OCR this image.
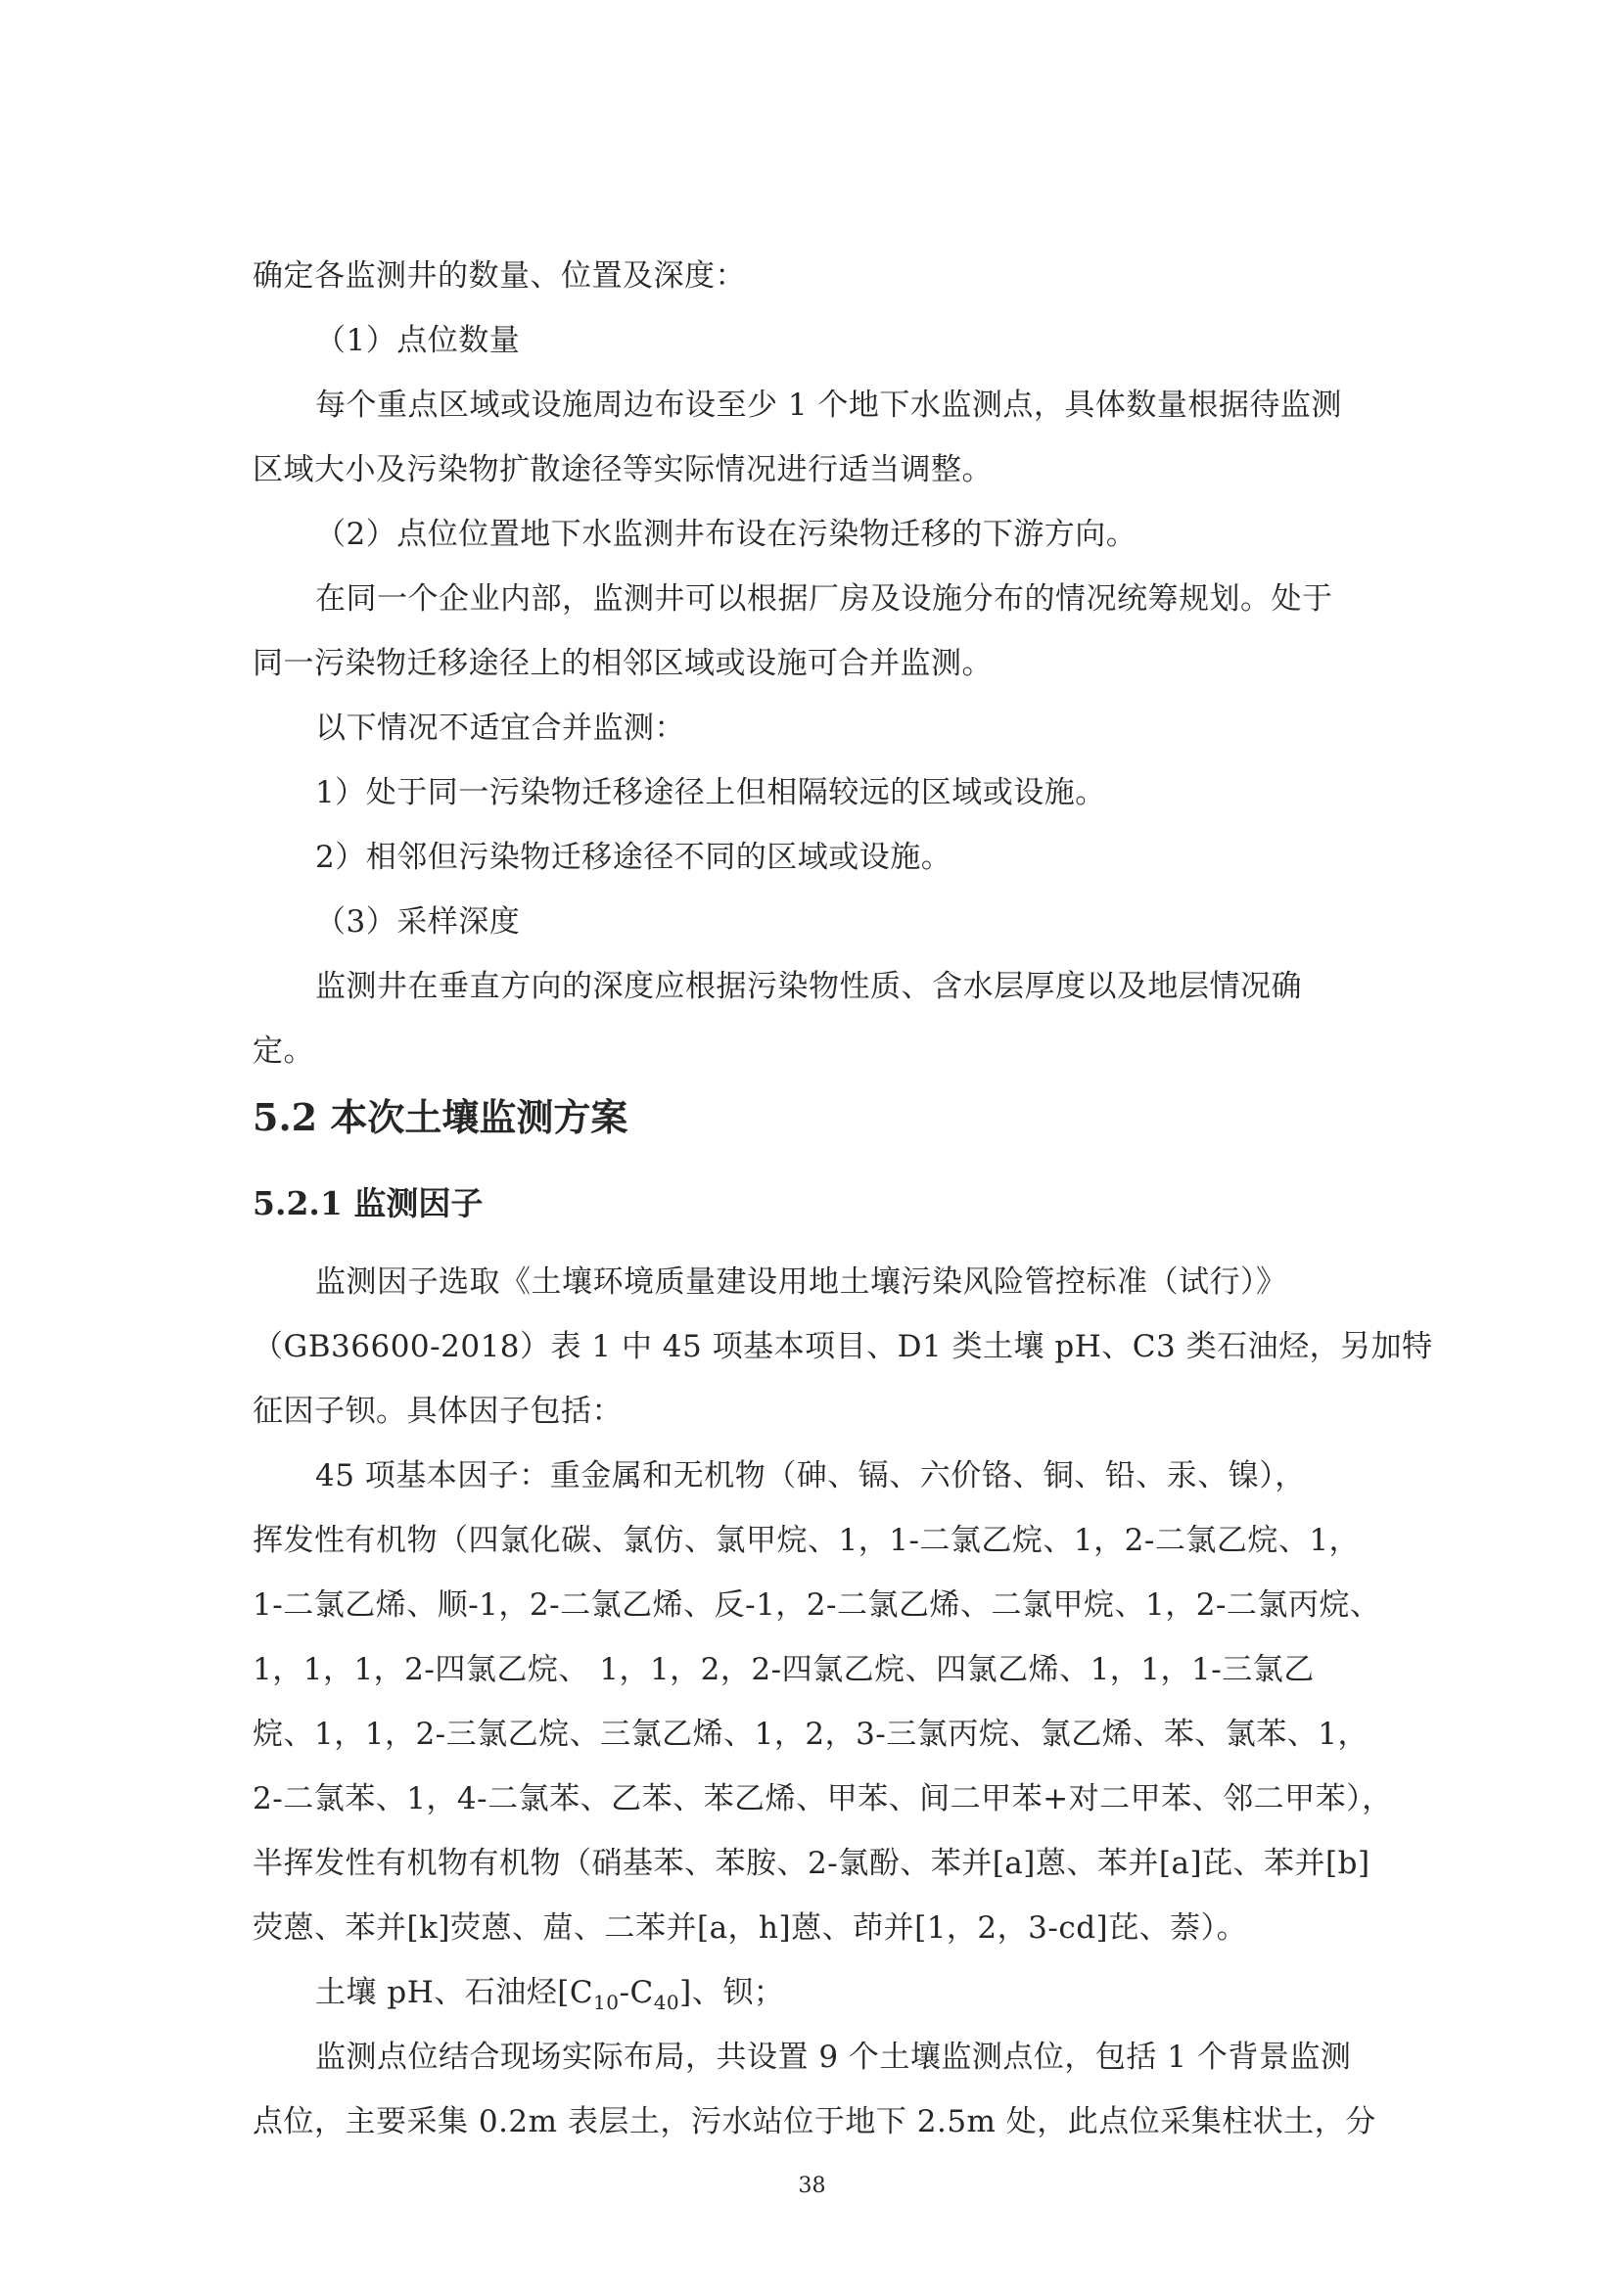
确定各监测井的数量、位置及深度：
（1）点位数量
每个重点区域或设施周边布设至少 1 个地下水监测点，具体数量根据待监测
区域大小及污染物扩散途径等实际情况进行适当调整。
（2）点位位置地下水监测井布设在污染物迁移的下游方向。
在同一个企业内部，监测井可以根据厂房及设施分布的情况统筹规划。处于
同一污染物迁移途径上的相邻区域或设施可合并监测。
以下情况不适宜合并监测：
1）处于同一污染物迁移途径上但相隔较远的区域或设施。
2）相邻但污染物迁移途径不同的区域或设施。
（3）采样深度
监测井在垂直方向的深度应根据污染物性质、含水层厚度以及地层情况确
定。
5.2 本次土壤监测方案
5.2.1 监测因子
监测因子选取《土壤环境质量建设用地土壤污染风险管控标准（试行）》
（GB36600-2018）表 1 中 45 项基本项目、D1 类土壤 pH、C3 类石油烃，另加特
征因子钡。具体因子包括：
45 项基本因子：重金属和无机物（砷、镉、六价铬、铜、铅、汞、镍），
挥发性有机物（四氯化碳、氯仿、氯甲烷、1，1-二氯乙烷、1，2-二氯乙烷、1，
1-二氯乙烯、顺-1，2-二氯乙烯、反-1，2-二氯乙烯、二氯甲烷、1，2-二氯丙烷、
1，1，1，2-四氯乙烷、 1，1，2，2-四氯乙烷、四氯乙烯、1，1，1-三氯乙
烷、1，1，2-三氯乙烷、三氯乙烯、1，2，3-三氯丙烷、氯乙烯、苯、氯苯、1，
2-二氯苯、1，4-二氯苯、乙苯、苯乙烯、甲苯、间二甲苯+对二甲苯、邻二甲苯），
半挥发性有机物有机物（硝基苯、苯胺、2-氯酚、苯并[a]蒽、苯并[a]芘、苯并[b]
荧蒽、苯并[k]荧蒽、䓛、二苯并[a，h]蒽、茚并[1，2，3-cd]芘、萘）。
土壤 pH、石油烃$[C_{10}-C_{40}]$、钡；
监测点位结合现场实际布局，共设置 9 个土壤监测点位，包括 1 个背景监测
点位，主要采集 0.2m 表层土，污水站位于地下 2.5m 处，此点位采集柱状土，分
38
